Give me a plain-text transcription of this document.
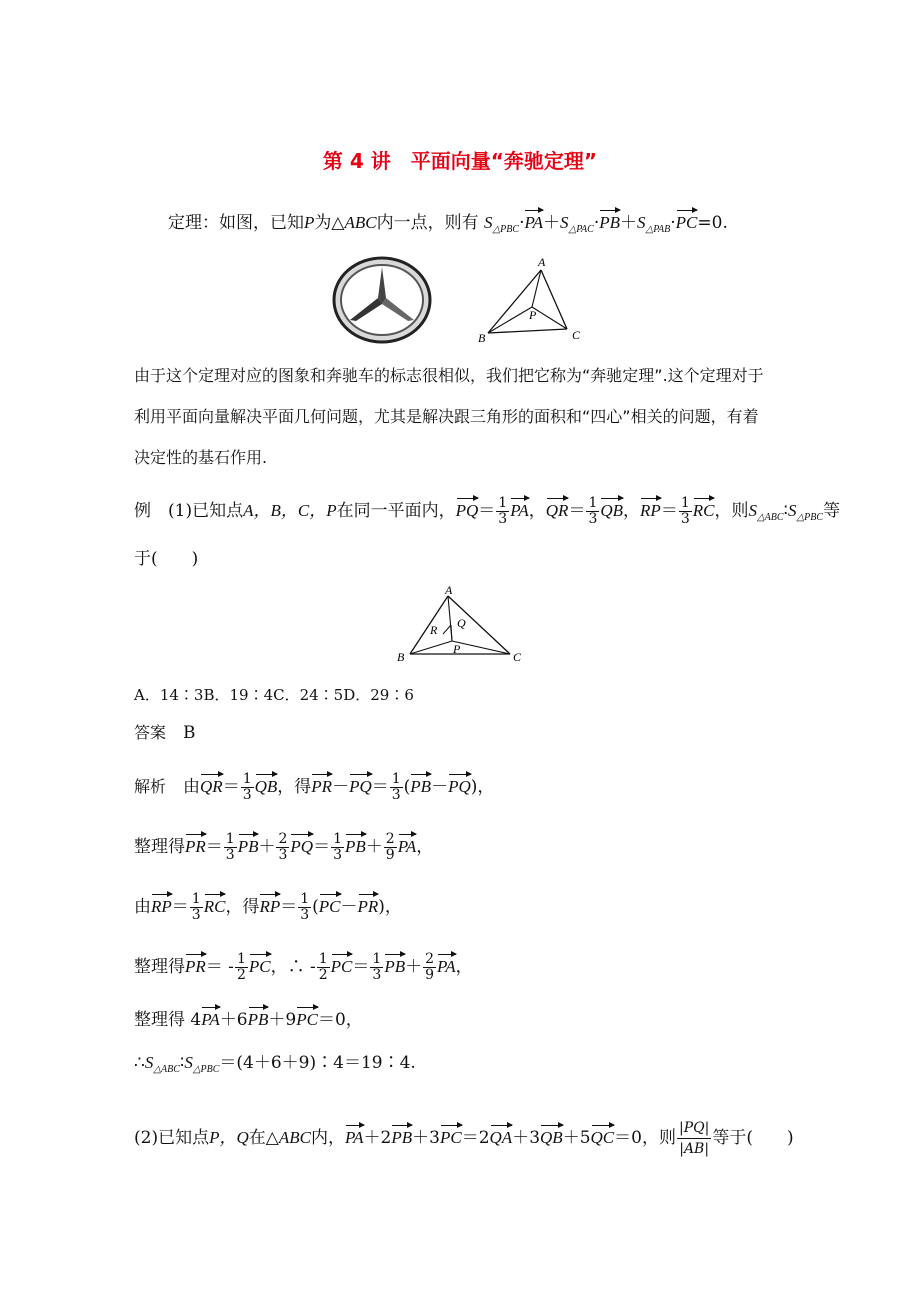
第 4 讲　平面向量“奔驰定理”
定理：如图，已知P为△ABC内一点，则有 $S_{\triangle PBC}\cdot PA+S_{\triangle PAC}\cdot PB+S_{\triangle PAB}\cdot PC=0$.
A
B	C
P
由于这个定理对应的图象和奔驰车的标志很相似，我们把它称为“奔驰定理”.这个定理对于
利用平面向量解决平面几何问题，尤其是解决跟三角形的面积和“四心”相关的问题，有着
决定性的基石作用.
例　(1)已知点A，B，C，P在同一平面内，$PQ= \frac{1}{3}$ PA，$QR= \frac{1}{3}$ QB，$RP= \frac{1}{3}$ RC，则$S_{\triangle ABC}∶S_{\triangle PBC}$等
于(　　)
A
B	C
P
Q
R
A．14∶3B．19∶4C．24∶5D．29∶6
答案　 B
解析　 由$QR= \frac{1}{3}$ QB，得$PR-PQ= \frac{1}{3} (PB-PQ)$，
整理得$PR= \frac{1}{3} PB+ \frac{2}{3} PQ= \frac{1}{3} PB+ \frac{2}{9}$ PA，
由$RP= \frac{1}{3}$ RC，得$RP= \frac{1}{3} (PC-PR)$，
整理得$PR= - \frac{1}{2}$ PC，∴ - $\frac{1}{2} PC= \frac{1}{3} PB+ \frac{2}{9}$ PA，
整理得 4PA＋6PB＋9PC＝0，
$\therefore S_{\triangle ABC}∶S_{\triangle PBC}=(4+6+9)∶4=19∶4$.
(2)已知点P，Q在△ABC内，PA＋2PB＋3PC＝2QA＋3QB＋5QC＝0，则 $\frac{|PQ|}{|AB|}$ 等于(　　)
